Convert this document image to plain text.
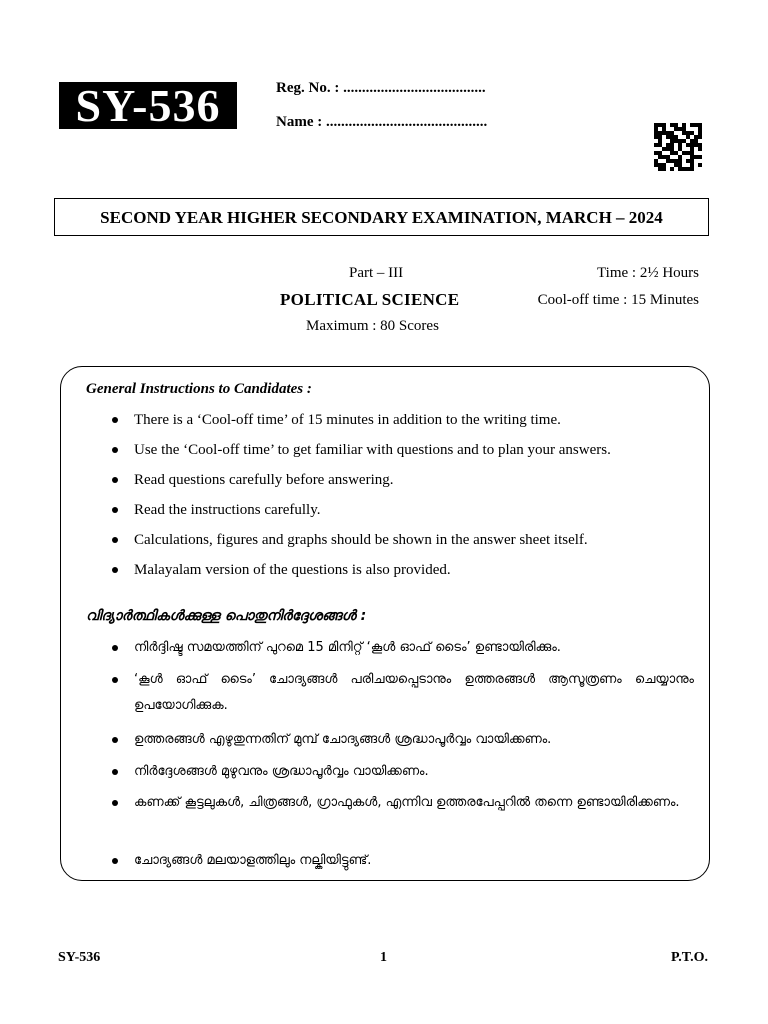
SY-536	Reg. No. : ......................................
Name : ...........................................
SECOND YEAR HIGHER SECONDARY EXAMINATION, MARCH – 2024
Part – III
POLITICAL SCIENCE
Maximum : 80 Scores
Time : 2½ Hours
Cool-off time : 15 Minutes
General Instructions to Candidates :
There is a ‘Cool-off time’ of 15 minutes in addition to the writing time.
Use the ‘Cool-off time’ to get familiar with questions and to plan your answers.
Read questions carefully before answering.
Read the instructions carefully.
Calculations, figures and graphs should be shown in the answer sheet itself.
Malayalam version of the questions is also provided.
വിദ്യാർത്ഥികൾക്കുള്ള പൊതുനിർദ്ദേശങ്ങൾ :
നിർദ്ദിഷ്ട സമയത്തിന് പുറമെ 15 മിനിറ്റ് ‘കൂൾ ഓഫ് ടൈം’ ഉണ്ടായിരിക്കും.
‘കൂൾ ഓഫ് ടൈം’ ചോദ്യങ്ങൾ പരിചയപ്പെടാനും ഉത്തരങ്ങൾ ആസൂത്രണം ചെയ്യാനും ഉപയോഗിക്കുക.
ഉത്തരങ്ങൾ എഴുതുന്നതിന് മുമ്പ് ചോദ്യങ്ങൾ ശ്രദ്ധാപൂർവ്വം വായിക്കണം.
നിർദ്ദേശങ്ങൾ മുഴുവനും ശ്രദ്ധാപൂർവ്വം വായിക്കണം.
കണക്ക് കൂട്ടലുകൾ, ചിത്രങ്ങൾ, ഗ്രാഫുകൾ, എന്നിവ ഉത്തരപേപ്പറിൽ തന്നെ ഉണ്ടായിരിക്കണം.
ചോദ്യങ്ങൾ മലയാളത്തിലും നല്കിയിട്ടുണ്ട്.
SY-536	1	P.T.O.
